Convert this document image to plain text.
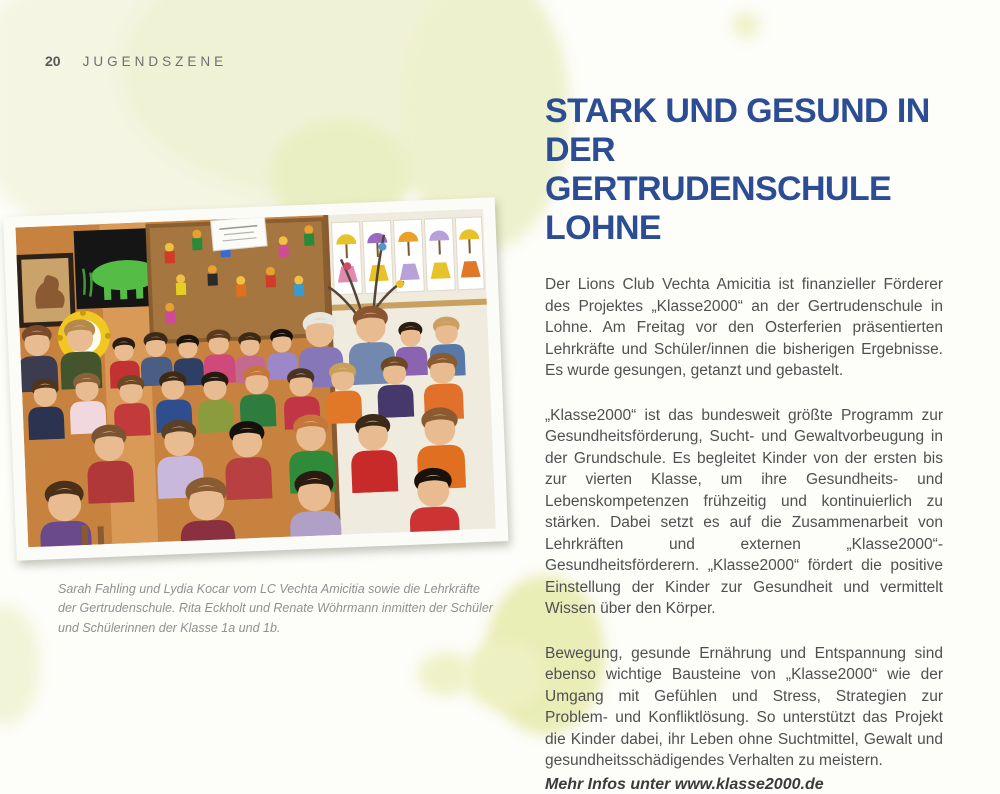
20 JUGENDSZENE

Sarah Fahling und Lydia Kocar vom LC Vechta Amicitia sowie die Lehrkräfte der Gertrudenschule. Rita Eckholt und Renate Wöhrmann inmitten der Schüler und Schülerinnen der Klasse 1a und 1b.

STARK UND GESUND IN
DER GERTRUDENSCHULE
LOHNE

Der Lions Club Vechta Amicitia ist finanzieller Förderer des Projektes „Klasse2000“ an der Gertrudenschule in Lohne. Am Freitag vor den Osterferien präsentierten Lehrkräfte und Schüler/innen die bisherigen Ergebnisse. Es wurde gesungen, getanzt und gebastelt.

„Klasse2000“ ist das bundesweit größte Programm zur Gesundheitsförderung, Sucht- und Gewaltvorbeugung in der Grundschule. Es begleitet Kinder von der ersten bis zur vierten Klasse, um ihre Gesundheits- und Lebenskompetenzen frühzeitig und kontinuierlich zu stärken. Dabei setzt es auf die Zusammenarbeit von Lehrkräften und externen „Klasse2000“-Gesundheitsförderern. „Klasse2000“ fördert die positive Einstellung der Kinder zur Gesundheit und vermittelt Wissen über den Körper.

Bewegung, gesunde Ernährung und Entspannung sind ebenso wichtige Bausteine von „Klasse2000“ wie der Umgang mit Gefühlen und Stress, Strategien zur Problem- und Konfliktlösung. So unterstützt das Projekt die Kinder dabei, ihr Leben ohne Suchtmittel, Gewalt und gesundheitsschädigendes Verhalten zu meistern.

Mehr Infos unter www.klasse2000.de
